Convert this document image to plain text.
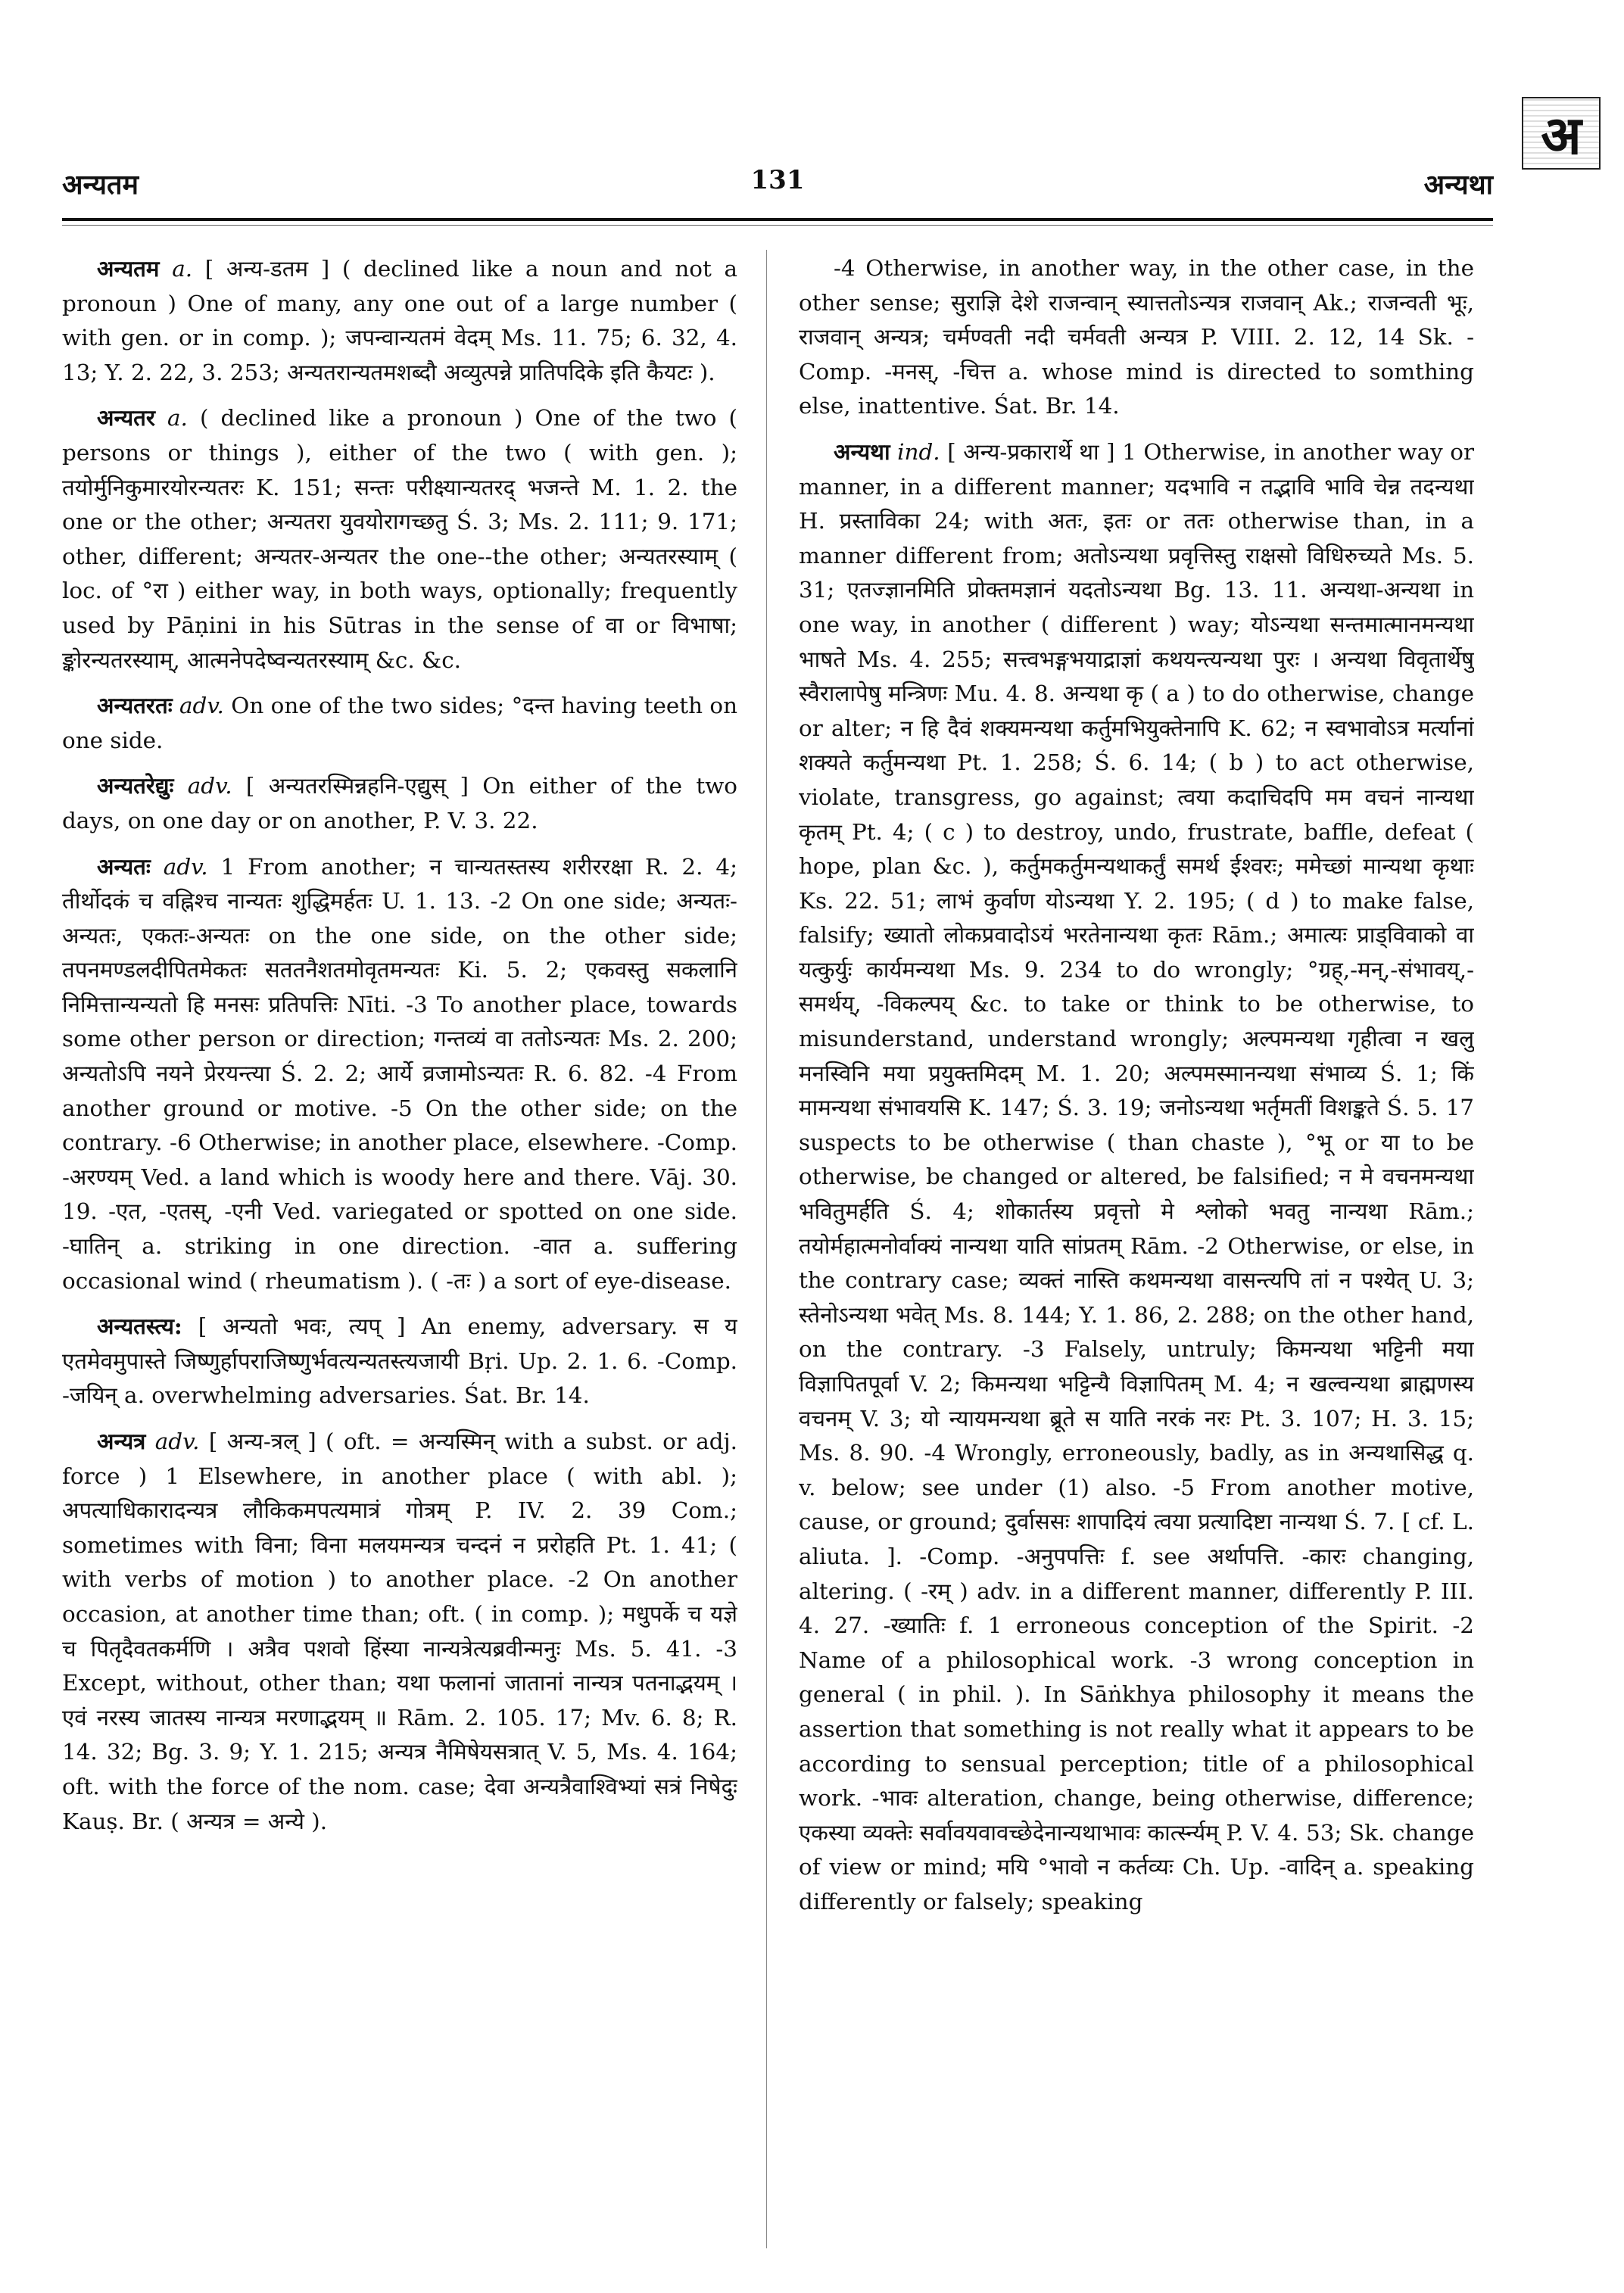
अ
अन्यतम	131	अन्यथा
अन्यतम a. [ अन्य-डतम ] ( declined like a noun and not a pronoun ) One of many, any one out of a large number ( with gen. or in comp. ); जपन्वान्यतमं वेदम् Ms. 11. 75; 6. 32, 4. 13; Y. 2. 22, 3. 253; अन्यतरान्यतमशब्दौ अव्युत्पन्ने प्रातिपदिके इति कैयटः ).
अन्यतर a. ( declined like a pronoun ) One of the two ( persons or things ), either of the two ( with gen. ); तयोर्मुनिकुमारयोरन्यतरः K. 151; सन्तः परीक्ष्यान्यतरद् भजन्ते M. 1. 2. the one or the other; अन्यतरा युवयोरागच्छतु Ś. 3; Ms. 2. 111; 9. 171; other, different; अन्यतर-अन्यतर the one--the other; अन्यतरस्याम् ( loc. of °रा ) either way, in both ways, optionally; frequently used by Pāṇini in his Sūtras in the sense of वा or विभाषा; ङ्कोरन्यतरस्याम्, आत्मनेपदेष्वन्यतरस्याम् &c. &c.
अन्यतरतः adv. On one of the two sides; °दन्त having teeth on one side.
अन्यतरेद्युः adv. [ अन्यतरस्मिन्नहनि-एद्युस् ] On either of the two days, on one day or on another, P. V. 3. 22.
अन्यतः adv. 1 From another; न चान्यतस्तस्य शरीररक्षा R. 2. 4; तीर्थोदकं च वह्निश्च नान्यतः शुद्धिमर्हतः U. 1. 13. -2 On one side; अन्यतः-अन्यतः, एकतः-अन्यतः on the one side, on the other side; तपनमण्डलदीपितमेकतः सततनैशतमोवृतमन्यतः Ki. 5. 2; एकवस्तु सकलानि निमित्तान्यन्यतो हि मनसः प्रतिपत्तिः Nīti. -3 To another place, towards some other person or direction; गन्तव्यं वा ततोऽन्यतः Ms. 2. 200; अन्यतोऽपि नयने प्रेरयन्त्या Ś. 2. 2; आर्ये व्रजामोऽन्यतः R. 6. 82. -4 From another ground or motive. -5 On the other side; on the contrary. -6 Otherwise; in another place, elsewhere. -Comp. -अरण्यम् Ved. a land which is woody here and there. Vāj. 30. 19. -एत, -एतस्, -एनी Ved. variegated or spotted on one side. -घातिन् a. striking in one direction. -वात a. suffering occasional wind ( rheumatism ). ( -तः ) a sort of eye-disease.
अन्यतस्त्य: [ अन्यतो भवः, त्यप् ] An enemy, adversary. स य एतमेवमुपास्ते जिष्णुर्हापराजिष्णुर्भवत्यन्यतस्त्यजायी Bṛi. Up. 2. 1. 6. -Comp. -जयिन् a. overwhelming adversaries. Śat. Br. 14.
अन्यत्र adv. [ अन्य-त्रल् ] ( oft. = अन्यस्मिन् with a subst. or adj. force ) 1 Elsewhere, in another place ( with abl. ); अपत्याधिकारादन्यत्र लौकिकमपत्यमात्रं गोत्रम् P. IV. 2. 39 Com.; sometimes with विना; विना मलयमन्यत्र चन्दनं न प्ररोहति Pt. 1. 41; ( with verbs of motion ) to another place. -2 On another occasion, at another time than; oft. ( in comp. ); मधुपर्के च यज्ञे च पितृदैवतकर्मणि । अत्रैव पशवो हिंस्या नान्यत्रेत्यब्रवीन्मनुः Ms. 5. 41. -3 Except, without, other than; यथा फलानां जातानां नान्यत्र पतनाद्भयम् । एवं नरस्य जातस्य नान्यत्र मरणाद्भयम् ॥ Rām. 2. 105. 17; Mv. 6. 8; R. 14. 32; Bg. 3. 9; Y. 1. 215; अन्यत्र नैमिषेयसत्रात् V. 5, Ms. 4. 164; oft. with the force of the nom. case; देवा अन्यत्रैवाश्विभ्यां सत्रं निषेदुः Kauṣ. Br. ( अन्यत्र = अन्ये ).
-4 Otherwise, in another way, in the other case, in the other sense; सुराज्ञि देशे राजन्वान् स्यात्ततोऽन्यत्र राजवान् Ak.; राजन्वती भूः, राजवान् अन्यत्र; चर्मण्वती नदी चर्मवती अन्यत्र P. VIII. 2. 12, 14 Sk. -Comp. -मनस्, -चित्त a. whose mind is directed to somthing else, inattentive. Śat. Br. 14.
अन्यथा ind. [ अन्य-प्रकारार्थे था ] 1 Otherwise, in another way or manner, in a different manner; यदभावि न तद्भावि भावि चेन्न तदन्यथा H. प्रस्ताविका 24; with अतः, इतः or ततः otherwise than, in a manner different from; अतोऽन्यथा प्रवृत्तिस्तु राक्षसो विधिरुच्यते Ms. 5. 31; एतज्ज्ञानमिति प्रोक्तमज्ञानं यदतोऽन्यथा Bg. 13. 11. अन्यथा-अन्यथा in one way, in another ( different ) way; योऽन्यथा सन्तमात्मानमन्यथा भाषते Ms. 4. 255; सत्त्वभङ्गभयाद्राज्ञां कथयन्त्यन्यथा पुरः । अन्यथा विवृतार्थेषु स्वैरालापेषु मन्त्रिणः Mu. 4. 8. अन्यथा कृ ( a ) to do otherwise, change or alter; न हि दैवं शक्यमन्यथा कर्तुमभियुक्तेनापि K. 62; न स्वभावोऽत्र मर्त्यानां शक्यते कर्तुमन्यथा Pt. 1. 258; Ś. 6. 14; ( b ) to act otherwise, violate, transgress, go against; त्वया कदाचिदपि मम वचनं नान्यथा कृतम् Pt. 4; ( c ) to destroy, undo, frustrate, baffle, defeat ( hope, plan &c. ), कर्तुमकर्तुमन्यथाकर्तुं समर्थ ईश्वरः; ममेच्छां मान्यथा कृथाः Ks. 22. 51; लाभं कुर्वाण योऽन्यथा Y. 2. 195; ( d ) to make false, falsify; ख्यातो लोकप्रवादोऽयं भरतेनान्यथा कृतः Rām.; अमात्यः प्राड्विवाको वा यत्कुर्युः कार्यमन्यथा Ms. 9. 234 to do wrongly; °ग्रह्,-मन्,-संभावय्,-समर्थय्, -विकल्पय् &c. to take or think to be otherwise, to misunderstand, understand wrongly; अल्पमन्यथा गृहीत्वा न खलु मनस्विनि मया प्रयुक्तमिदम् M. 1. 20; अल्पमस्मानन्यथा संभाव्य Ś. 1; किं मामन्यथा संभावयसि K. 147; Ś. 3. 19; जनोऽन्यथा भर्तृमतीं विशङ्कते Ś. 5. 17 suspects to be otherwise ( than chaste ), °भू or या to be otherwise, be changed or altered, be falsified; न मे वचनमन्यथा भवितुमर्हति Ś. 4; शोकार्तस्य प्रवृत्तो मे श्लोको भवतु नान्यथा Rām.; तयोर्महात्मनोर्वाक्यं नान्यथा याति सांप्रतम् Rām. -2 Otherwise, or else, in the contrary case; व्यक्तं नास्ति कथमन्यथा वासन्त्यपि तां न पश्येत् U. 3; स्तेनोऽन्यथा भवेत् Ms. 8. 144; Y. 1. 86, 2. 288; on the other hand, on the contrary. -3 Falsely, untruly; किमन्यथा भट्टिनी मया विज्ञापितपूर्वा V. 2; किमन्यथा भट्टिन्यै विज्ञापितम् M. 4; न खल्वन्यथा ब्राह्मणस्य वचनम् V. 3; यो न्यायमन्यथा ब्रूते स याति नरकं नरः Pt. 3. 107; H. 3. 15; Ms. 8. 90. -4 Wrongly, erroneously, badly, as in अन्यथासिद्ध q. v. below; see under (1) also. -5 From another motive, cause, or ground; दुर्वाससः शापादियं त्वया प्रत्यादिष्टा नान्यथा Ś. 7. [ cf. L. aliuta. ]. -Comp. -अनुपपत्तिः f. see अर्थापत्ति. -कारः changing, altering. ( -रम् ) adv. in a different manner, differently P. III. 4. 27. -ख्यातिः f. 1 erroneous conception of the Spirit. -2 Name of a philosophical work. -3 wrong conception in general ( in phil. ). In Sāṅkhya philosophy it means the assertion that something is not really what it appears to be according to sensual perception; title of a philosophical work. -भावः alteration, change, being otherwise, difference; एकस्या व्यक्तेः सर्वावयवावच्छेदेनान्यथाभावः कार्त्स्न्यम् P. V. 4. 53; Sk. change of view or mind; मयि °भावो न कर्तव्यः Ch. Up. -वादिन् a. speaking differently or falsely; speaking
